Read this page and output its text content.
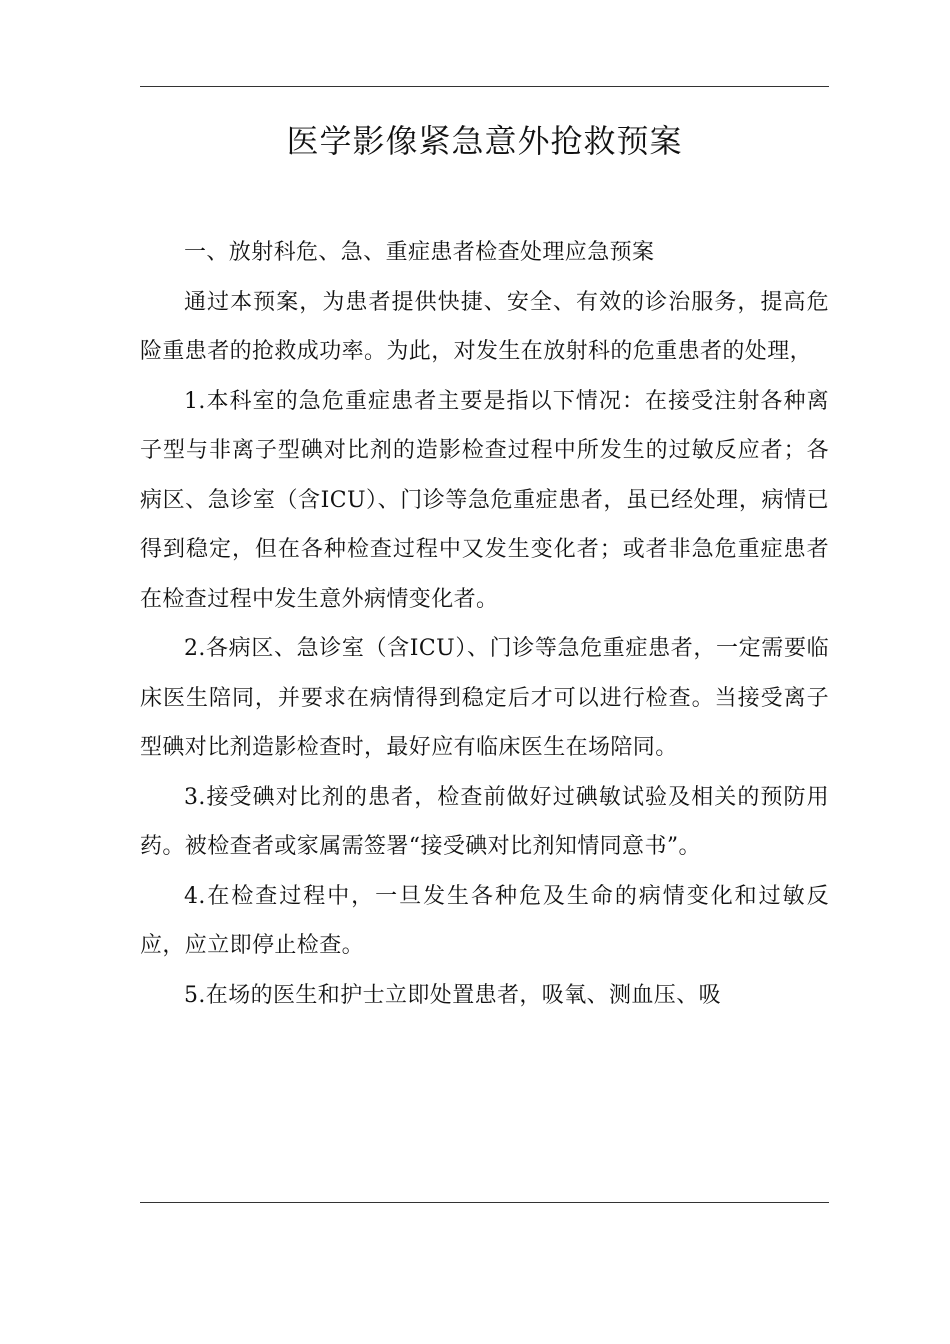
医学影像紧急意外抢救预案

一、放射科危、急、重症患者检查处理应急预案

通过本预案，为患者提供快捷、安全、有效的诊治服务，提高危险重患者的抢救成功率。为此，对发生在放射科的危重患者的处理，

1.本科室的急危重症患者主要是指以下情况：在接受注射各种离子型与非离子型碘对比剂的造影检查过程中所发生的过敏反应者；各病区、急诊室（含ICU）、门诊等急危重症患者，虽已经处理，病情已得到稳定，但在各种检查过程中又发生变化者；或者非急危重症患者在检查过程中发生意外病情变化者。

2.各病区、急诊室（含ICU）、门诊等急危重症患者，一定需要临床医生陪同，并要求在病情得到稳定后才可以进行检查。当接受离子型碘对比剂造影检查时，最好应有临床医生在场陪同。

3.接受碘对比剂的患者，检查前做好过碘敏试验及相关的预防用药。被检查者或家属需签署“接受碘对比剂知情同意书”。

4.在检查过程中，一旦发生各种危及生命的病情变化和过敏反应，应立即停止检查。

5.在场的医生和护士立即处置患者，吸氧、测血压、吸
